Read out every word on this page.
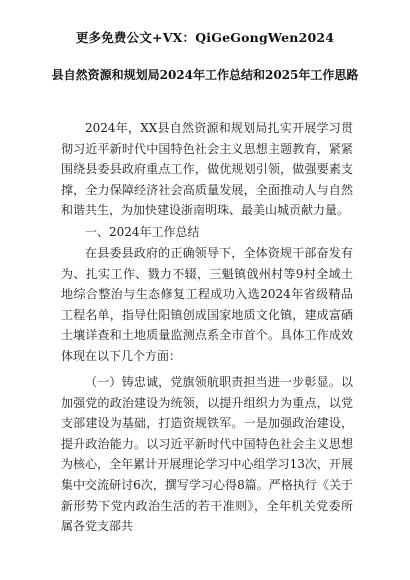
更多免费公文+VX：QiGeGongWen2024
县自然资源和规划局2024年工作总结和2025年工作思路

2024年，XX县自然资源和规划局扎实开展学习贯彻习近平新时代中国特色社会主义思想主题教育，紧紧围绕县委县政府重点工作，做优规划引领，做强要素支撑，全力保障经济社会高质量发展，全面推动人与自然和谐共生，为加快建设浙南明珠、最美山城贡献力量。

一、2024年工作总结

在县委县政府的正确领导下，全体资规干部奋发有为、扎实工作、戮力不辍，三魁镇戗州村等9村全域土地综合整治与生态修复工程成功入选2024年省级精品工程名单，指导仕阳镇创成国家地质文化镇，建成富硒土壤详查和土地质量监测点系全市首个。具体工作成效体现在以下几个方面：

（一）铸忠诚，党旗领航职责担当进一步彰显。以加强党的政治建设为统领，以提升组织力为重点，以党支部建设为基础，打造资规铁军。一是加强政治建设，提升政治能力。以习近平新时代中国特色社会主义思想为核心，全年累计开展理论学习中心组学习13次，开展集中交流研讨6次，撰写学习心得8篇。严格执行《关于新形势下党内政治生活的若干准则》，全年机关党委所属各党支部共
